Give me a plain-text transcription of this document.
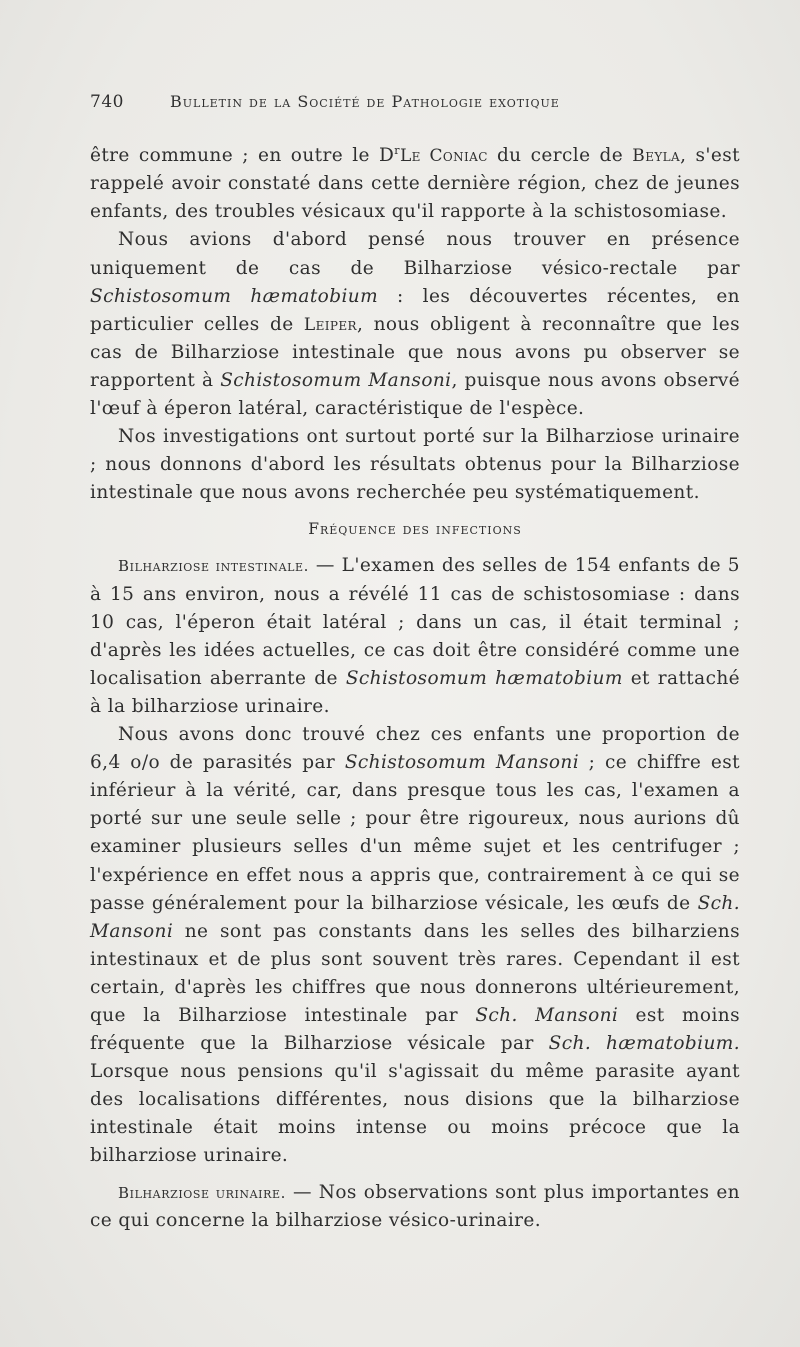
740	Bulletin de la Société de Pathologie exotique

être commune ; en outre le $D^rLe$ Coniac du cercle de Beyla, s'est rappelé avoir constaté dans cette dernière région, chez de jeunes enfants, des troubles vésicaux qu'il rapporte à la schistosomiase.

Nous avions d'abord pensé nous trouver en présence uniquement de cas de Bilharziose vésico-rectale par Schistosomum hæmatobium : les découvertes récentes, en particulier celles de Leiper, nous obligent à reconnaître que les cas de Bilharziose intestinale que nous avons pu observer se rapportent à Schistosomum Mansoni, puisque nous avons observé l'œuf à éperon latéral, caractéristique de l'espèce.

Nos investigations ont surtout porté sur la Bilharziose urinaire ; nous donnons d'abord les résultats obtenus pour la Bilharziose intestinale que nous avons recherchée peu systématiquement.

Fréquence des infections

Bilharziose intestinale. — L'examen des selles de 154 enfants de 5 à 15 ans environ, nous a révélé 11 cas de schistosomiase : dans 10 cas, l'éperon était latéral ; dans un cas, il était terminal ; d'après les idées actuelles, ce cas doit être considéré comme une localisation aberrante de Schistosomum hæmatobium et rattaché à la bilharziose urinaire.

Nous avons donc trouvé chez ces enfants une proportion de 6,4 o/o de parasités par Schistosomum Mansoni ; ce chiffre est inférieur à la vérité, car, dans presque tous les cas, l'examen a porté sur une seule selle ; pour être rigoureux, nous aurions dû examiner plusieurs selles d'un même sujet et les centrifuger ; l'expérience en effet nous a appris que, contrairement à ce qui se passe généralement pour la bilharziose vésicale, les œufs de Sch. Mansoni ne sont pas constants dans les selles des bilharziens intestinaux et de plus sont souvent très rares. Cependant il est certain, d'après les chiffres que nous donnerons ultérieurement, que la Bilharziose intestinale par Sch. Mansoni est moins fréquente que la Bilharziose vésicale par Sch. hæmatobium. Lorsque nous pensions qu'il s'agissait du même parasite ayant des localisations différentes, nous disions que la bilharziose intestinale était moins intense ou moins précoce que la bilharziose urinaire.

Bilharziose urinaire. — Nos observations sont plus importantes en ce qui concerne la bilharziose vésico-urinaire.
